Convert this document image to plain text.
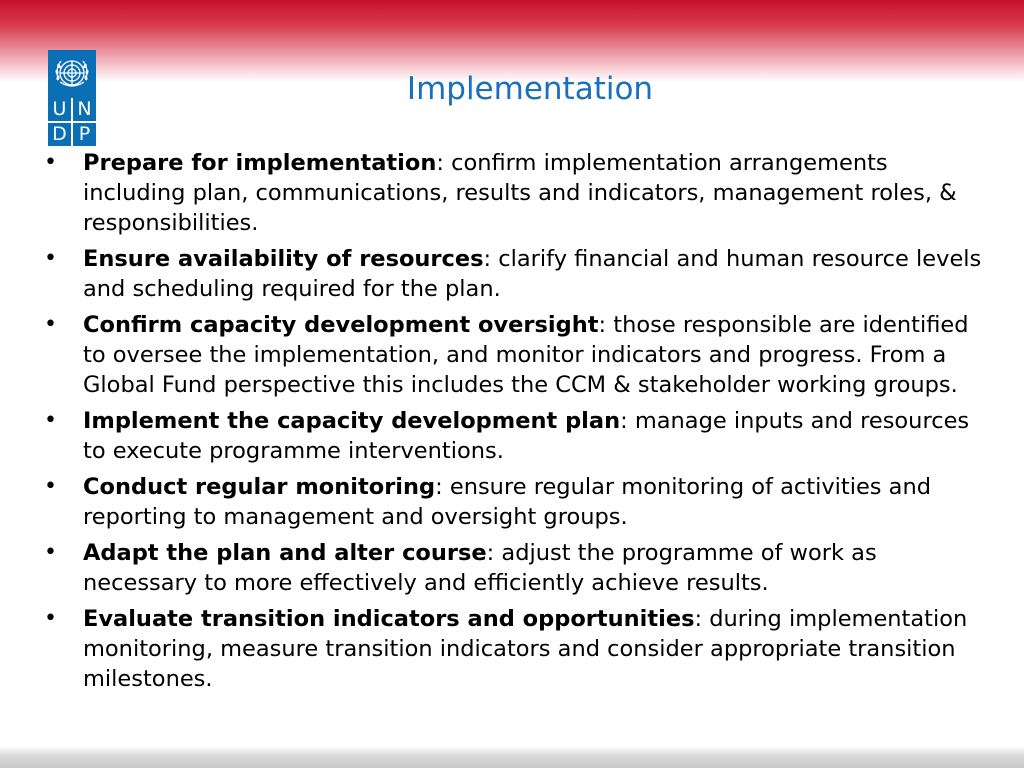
U N
D P
Implementation
• Prepare for implementation: confirm implementation arrangements including plan, communications, results and indicators, management roles, & responsibilities.
• Ensure availability of resources: clarify financial and human resource levels and scheduling required for the plan.
• Confirm capacity development oversight: those responsible are identified to oversee the implementation, and monitor indicators and progress. From a Global Fund perspective this includes the CCM & stakeholder working groups.
• Implement the capacity development plan: manage inputs and resources to execute programme interventions.
• Conduct regular monitoring: ensure regular monitoring of activities and reporting to management and oversight groups.
• Adapt the plan and alter course: adjust the programme of work as necessary to more effectively and efficiently achieve results.
• Evaluate transition indicators and opportunities: during implementation monitoring, measure transition indicators and consider appropriate transition milestones.
